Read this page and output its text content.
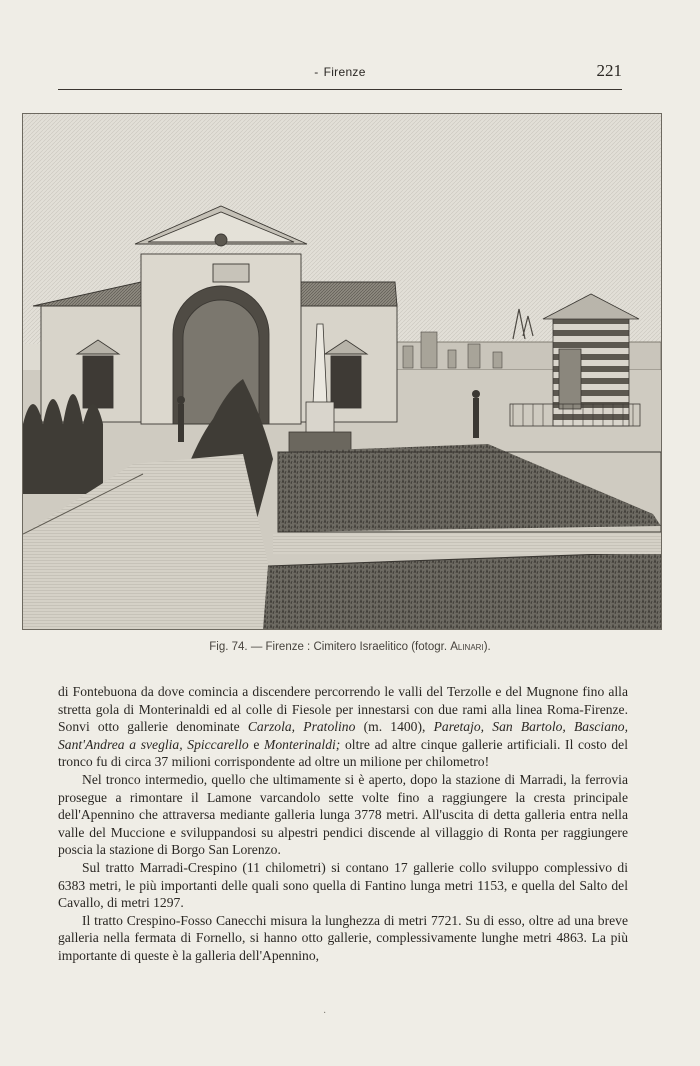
- Firenze	221
Fig. 74. — Firenze : Cimitero Israelitico (fotogr. Alinari).

di Fontebuona da dove comincia a discendere percorrendo le valli del Terzolle e del Mugnone fino alla stretta gola di Monterinaldi ed al colle di Fiesole per innestarsi con due rami alla linea Roma-Firenze. Sonvi otto gallerie denominate Carzola, Pratolino (m. 1400), Paretajo, San Bartolo, Basciano, Sant'Andrea a sveglia, Spiccarello e Monterinaldi; oltre ad altre cinque gallerie artificiali. Il costo del tronco fu di circa 37 milioni corrispondente ad oltre un milione per chilometro!

Nel tronco intermedio, quello che ultimamente si è aperto, dopo la stazione di Marradi, la ferrovia prosegue a rimontare il Lamone varcandolo sette volte fino a raggiungere la cresta principale dell'Apennino che attraversa mediante galleria lunga 3778 metri. All'uscita di detta galleria entra nella valle del Muccione e sviluppandosi su alpestri pendici discende al villaggio di Ronta per raggiungere poscia la stazione di Borgo San Lorenzo.

Sul tratto Marradi-Crespino (11 chilometri) si contano 17 gallerie collo sviluppo complessivo di 6383 metri, le più importanti delle quali sono quella di Fantino lunga metri 1153, e quella del Salto del Cavallo, di metri 1297.

Il tratto Crespino-Fosso Canecchi misura la lunghezza di metri 7721. Su di esso, oltre ad una breve galleria nella fermata di Fornello, si hanno otto gallerie, complessivamente lunghe metri 4863. La più importante di queste è la galleria dell'Apennino,

·
